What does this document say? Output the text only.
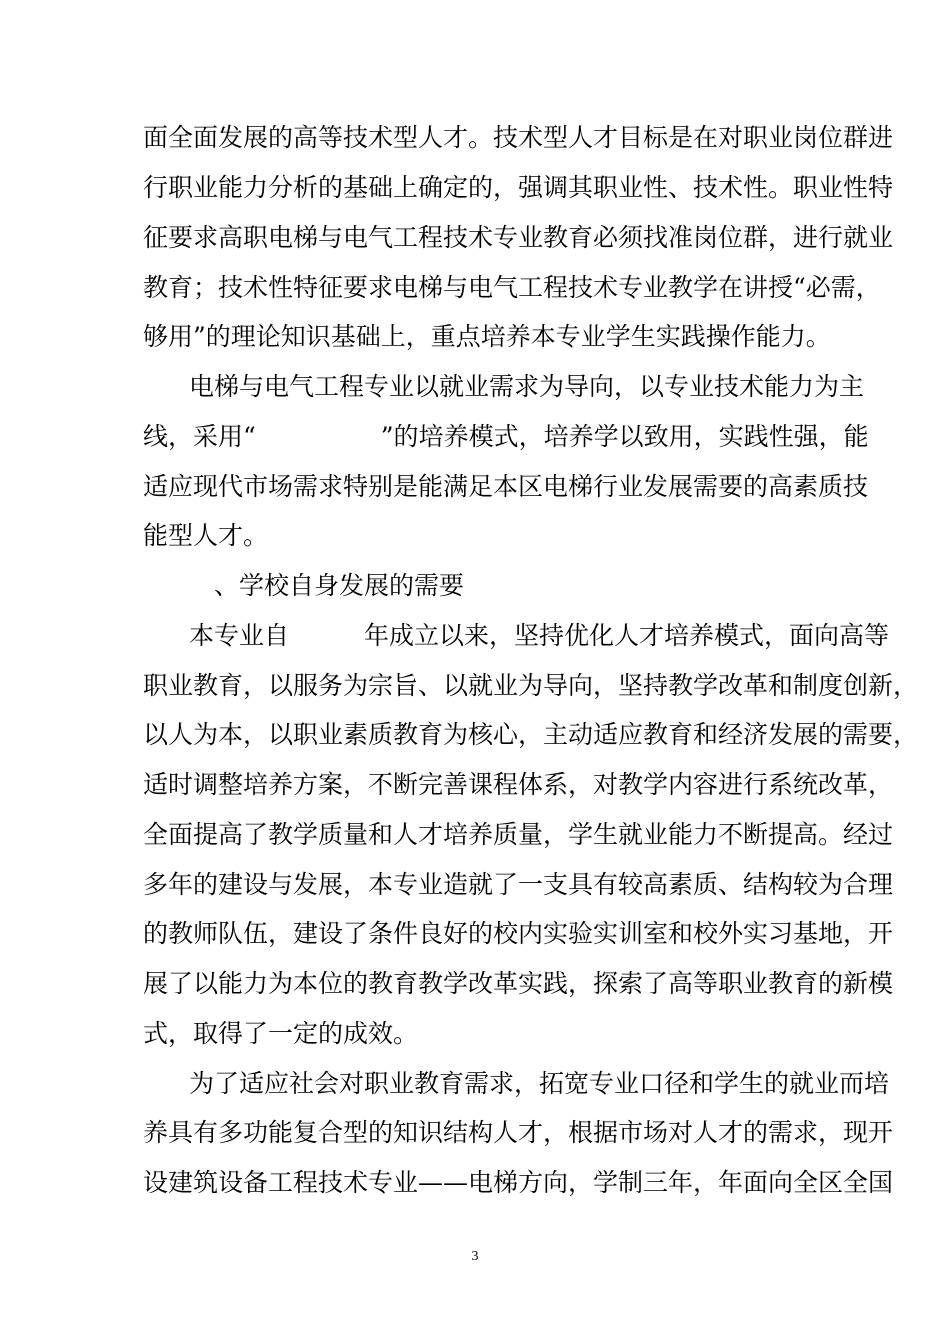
面全面发展的高等技术型人才。技术型人才目标是在对职业岗位群进
行职业能力分析的基础上确定的，强调其职业性、技术性。职业性特
征要求高职电梯与电气工程技术专业教育必须找准岗位群，进行就业
教育；技术性特征要求电梯与电气工程技术专业教学在讲授“必需，
够用”的理论知识基础上，重点培养本专业学生实践操作能力。
电梯与电气工程专业以就业需求为导向，以专业技术能力为主
线，采用“　　　　　”的培养模式，培养学以致用，实践性强，能
适应现代市场需求特别是能满足本区电梯行业发展需要的高素质技
能型人才。
　、学校自身发展的需要
本专业自　　　年成立以来，坚持优化人才培养模式，面向高等
职业教育，以服务为宗旨、以就业为导向，坚持教学改革和制度创新，
以人为本，以职业素质教育为核心，主动适应教育和经济发展的需要，
适时调整培养方案，不断完善课程体系，对教学内容进行系统改革，
全面提高了教学质量和人才培养质量，学生就业能力不断提高。经过
多年的建设与发展，本专业造就了一支具有较高素质、结构较为合理
的教师队伍，建设了条件良好的校内实验实训室和校外实习基地，开
展了以能力为本位的教育教学改革实践，探索了高等职业教育的新模
式，取得了一定的成效。
为了适应社会对职业教育需求，拓宽专业口径和学生的就业而培
养具有多功能复合型的知识结构人才，根据市场对人才的需求，现开
设建筑设备工程技术专业——电梯方向，学制三年，年面向全区全国
3
